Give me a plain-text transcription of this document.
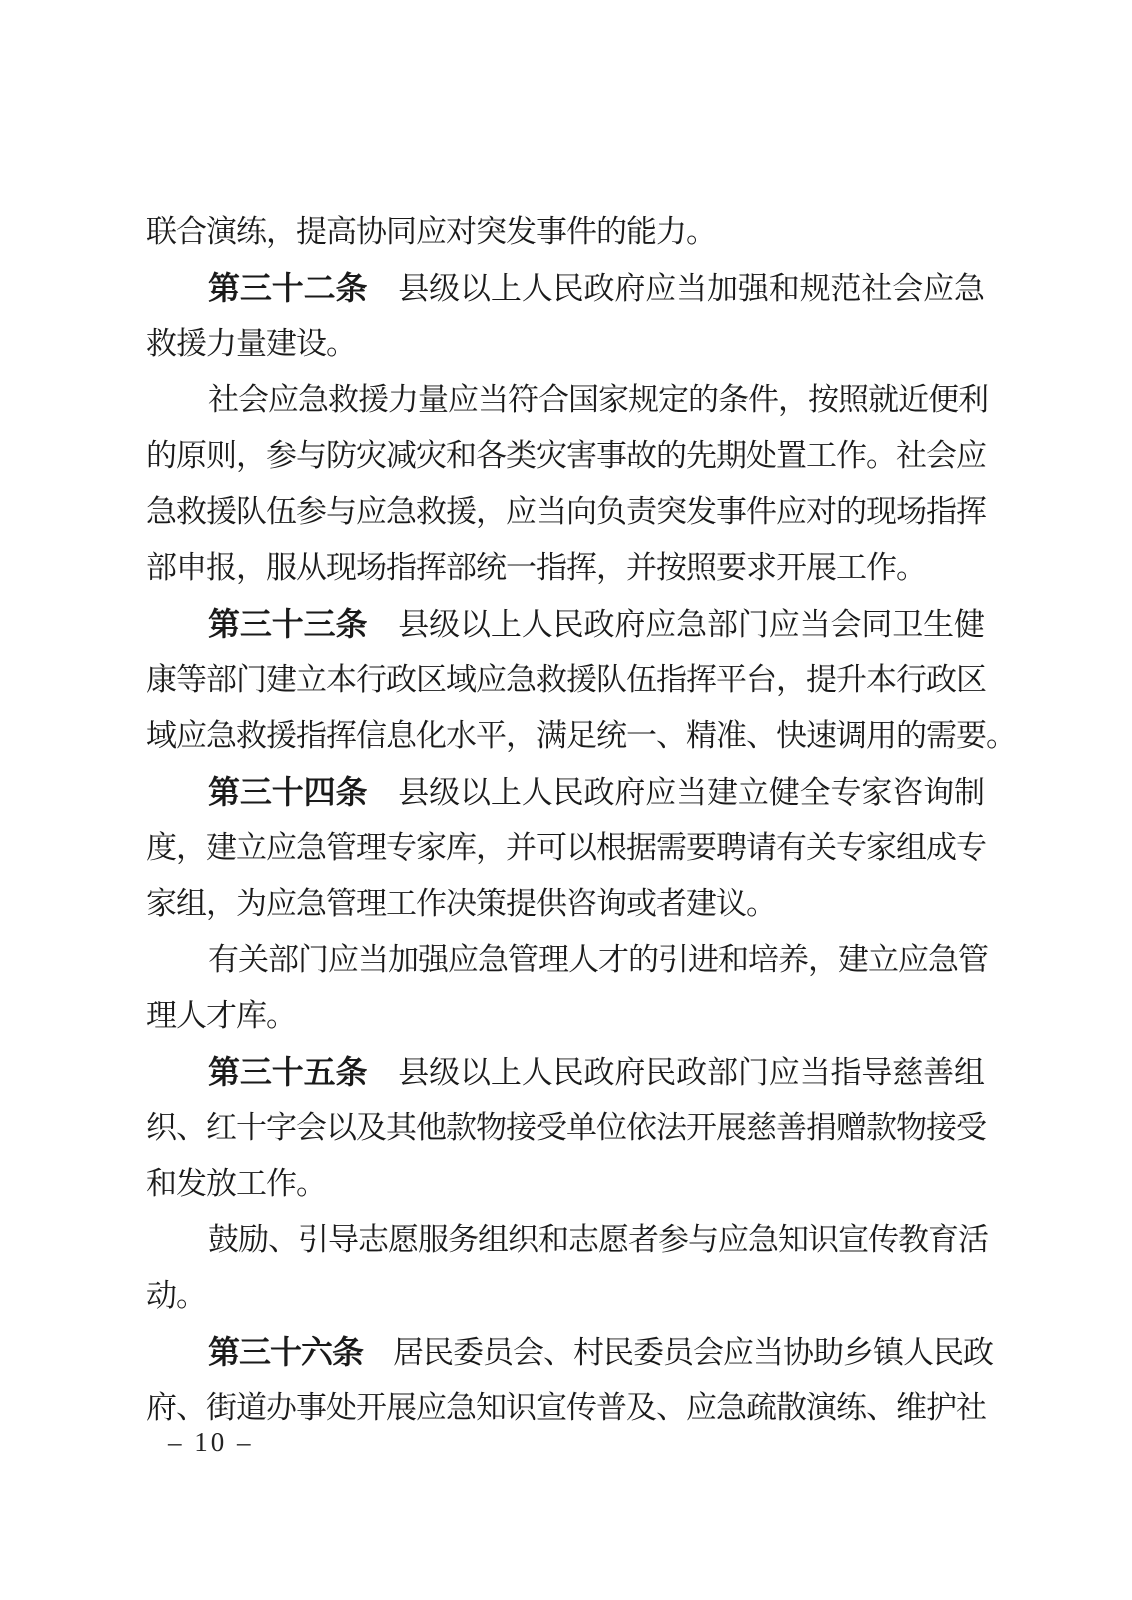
联合演练，提高协同应对突发事件的能力。
第三十二条　县级以上人民政府应当加强和规范社会应急
救援力量建设。
社会应急救援力量应当符合国家规定的条件，按照就近便利
的原则，参与防灾减灾和各类灾害事故的先期处置工作。社会应
急救援队伍参与应急救援，应当向负责突发事件应对的现场指挥
部申报，服从现场指挥部统一指挥，并按照要求开展工作。
第三十三条　县级以上人民政府应急部门应当会同卫生健
康等部门建立本行政区域应急救援队伍指挥平台，提升本行政区
域应急救援指挥信息化水平，满足统一、精准、快速调用的需要。
第三十四条　县级以上人民政府应当建立健全专家咨询制
度，建立应急管理专家库，并可以根据需要聘请有关专家组成专
家组，为应急管理工作决策提供咨询或者建议。
有关部门应当加强应急管理人才的引进和培养，建立应急管
理人才库。
第三十五条　县级以上人民政府民政部门应当指导慈善组
织、红十字会以及其他款物接受单位依法开展慈善捐赠款物接受
和发放工作。
鼓励、引导志愿服务组织和志愿者参与应急知识宣传教育活
动。
第三十六条　居民委员会、村民委员会应当协助乡镇人民政
府、街道办事处开展应急知识宣传普及、应急疏散演练、维护社
– 10 –
